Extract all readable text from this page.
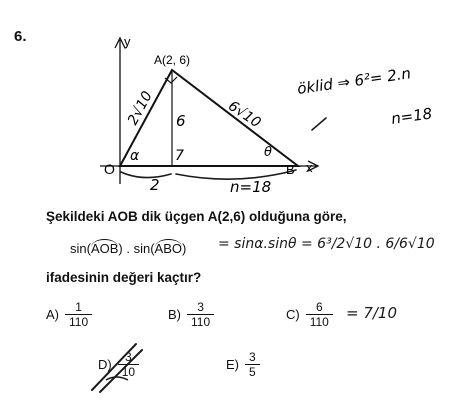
6.	y
x
O
A(2, 6)
B
2√10	6√10
6
7
α	θ
2	n=18
öklid ⇒ 6²= 2.n
n=18
Şekildeki AOB dik üçgen A(2,6) olduğuna göre,
sin(AOB) . sin(ABO) = sinα.sinθ = 6³/2√10 . 6/6√10
ifadesinin değeri kaçtır?
$A) \frac{1}{110}$	$B) \frac{3}{110}$	$C) \frac{6}{110} = 7/10$
$D) \frac{3}{10}$	$E) \frac{3}{5}$
